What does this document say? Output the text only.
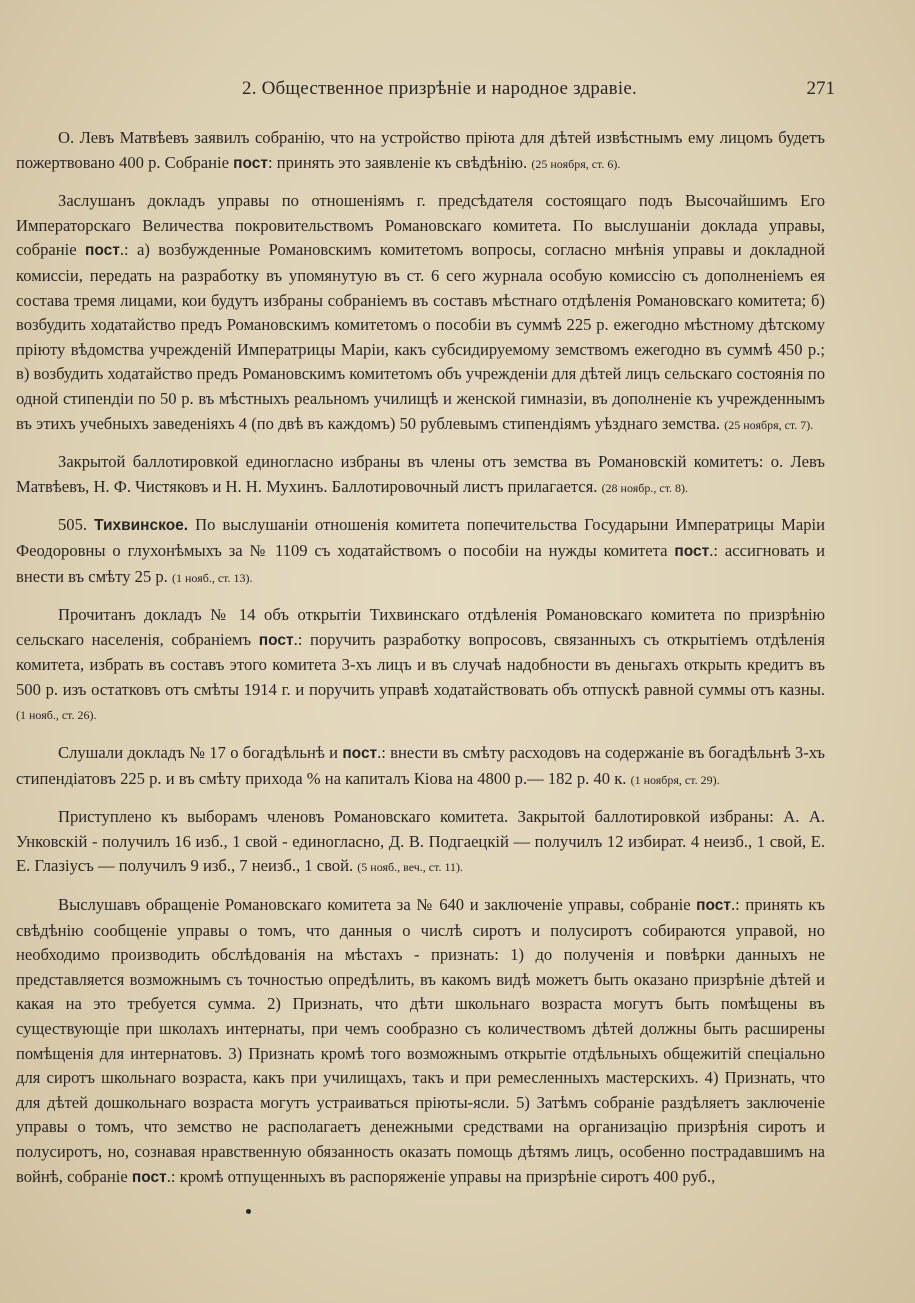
2. Общественное призрѣніе и народное здравіе.	271

О. Левъ Матвѣевъ заявилъ собранію, что на устройство пріюта для дѣтей извѣстнымъ ему лицомъ будетъ пожертвовано 400 р. Собраніе пост: принять это заявленіе къ свѣдѣнію. (25 ноября, ст. 6).

Заслушанъ докладъ управы по отношеніямъ г. предсѣдателя состоящаго подъ Высочайшимъ Его Императорскаго Величества покровительствомъ Романовскаго комитета. По выслушаніи доклада управы, собраніе пост.: а) возбужденные Романовскимъ комитетомъ вопросы, согласно мнѣнія управы и докладной комиссіи, передать на разработку въ упомянутую въ ст. 6 сего журнала особую комиссію съ дополненіемъ ея состава тремя лицами, кои будутъ избраны собраніемъ въ составъ мѣстнаго отдѣленія Романовскаго комитета; б) возбудить ходатайство предъ Романовскимъ комитетомъ о пособіи въ суммѣ 225 р. ежегодно мѣстному дѣтскому пріюту вѣдомства учрежденій Императрицы Маріи, какъ субсидируемому земствомъ ежегодно въ суммѣ 450 р.; в) возбудить ходатайство предъ Романовскимъ комитетомъ объ учрежденіи для дѣтей лицъ сельскаго состоянія по одной стипендіи по 50 р. въ мѣстныхъ реальномъ училищѣ и женской гимназіи, въ дополненіе къ учрежденнымъ въ этихъ учебныхъ заведеніяхъ 4 (по двѣ въ каждомъ) 50 рублевымъ стипендіямъ уѣзднаго земства. (25 ноября, ст. 7).

Закрытой баллотировкой единогласно избраны въ члены отъ земства въ Романовскій комитетъ: о. Левъ Матвѣевъ, Н. Ф. Чистяковъ и Н. Н. Мухинъ. Баллотировочный листъ прилагается. (28 ноябр., ст. 8).

505. Тихвинское. По выслушаніи отношенія комитета попечительства Государыни Императрицы Маріи Феодоровны о глухонѣмыхъ за № 1109 съ ходатайствомъ о пособіи на нужды комитета пост.: ассигновать и внести въ смѣту 25 р. (1 нояб., ст. 13).

Прочитанъ докладъ № 14 объ открытіи Тихвинскаго отдѣленія Романовскаго комитета по призрѣнію сельскаго населенія, собраніемъ пост.: поручить разработку вопросовъ, связанныхъ съ открытіемъ отдѣленія комитета, избрать въ составъ этого комитета 3-хъ лицъ и въ случаѣ надобности въ деньгахъ открыть кредитъ въ 500 р. изъ остатковъ отъ смѣты 1914 г. и поручить управѣ ходатайствовать объ отпускѣ равной суммы отъ казны. (1 нояб., ст. 26).

Слушали докладъ № 17 о богадѣльнѣ и пост.: внести въ смѣту расходовъ на содержаніе въ богадѣльнѣ 3-хъ стипендіатовъ 225 р. и въ смѣту прихода % на капиталъ Кіова на 4800 р.— 182 р. 40 к. (1 ноября, ст. 29).

Приступлено къ выборамъ членовъ Романовскаго комитета. Закрытой баллотировкой избраны: А. А. Унковскій - получилъ 16 изб., 1 свой - единогласно, Д. В. Подгаецкій — получилъ 12 избират. 4 неизб., 1 свой, Е. Е. Глазіусъ — получилъ 9 изб., 7 неизб., 1 свой. (5 нояб., веч., ст. 11).

Выслушавъ обращеніе Романовскаго комитета за № 640 и заключеніе управы, собраніе пост.: принять къ свѣдѣнію сообщеніе управы о томъ, что данныя о числѣ сиротъ и полусиротъ собираются управой, но необходимо производить обслѣдованія на мѣстахъ - признать: 1) до полученія и повѣрки данныхъ не представляется возможнымъ съ точностью опредѣлить, въ какомъ видѣ можетъ быть оказано призрѣніе дѣтей и какая на это требуется сумма. 2) Признать, что дѣти школьнаго возраста могутъ быть помѣщены въ существующіе при школахъ интернаты, при чемъ сообразно съ количествомъ дѣтей должны быть расширены помѣщенія для интернатовъ. 3) Признать кромѣ того возможнымъ открытіе отдѣльныхъ общежитій спеціально для сиротъ школьнаго возраста, какъ при училищахъ, такъ и при ремесленныхъ мастерскихъ. 4) Признать, что для дѣтей дошкольнаго возраста могутъ устраиваться пріюты-ясли. 5) Затѣмъ собраніе раздѣляетъ заключеніе управы о томъ, что земство не располагаетъ денежными средствами на организацію призрѣнія сиротъ и полусиротъ, но, сознавая нравственную обязанность оказать помощь дѣтямъ лицъ, особенно пострадавшимъ на войнѣ, собраніе пост.: кромѣ отпущенныхъ въ распоряженіе управы на призрѣніе сиротъ 400 руб.,
